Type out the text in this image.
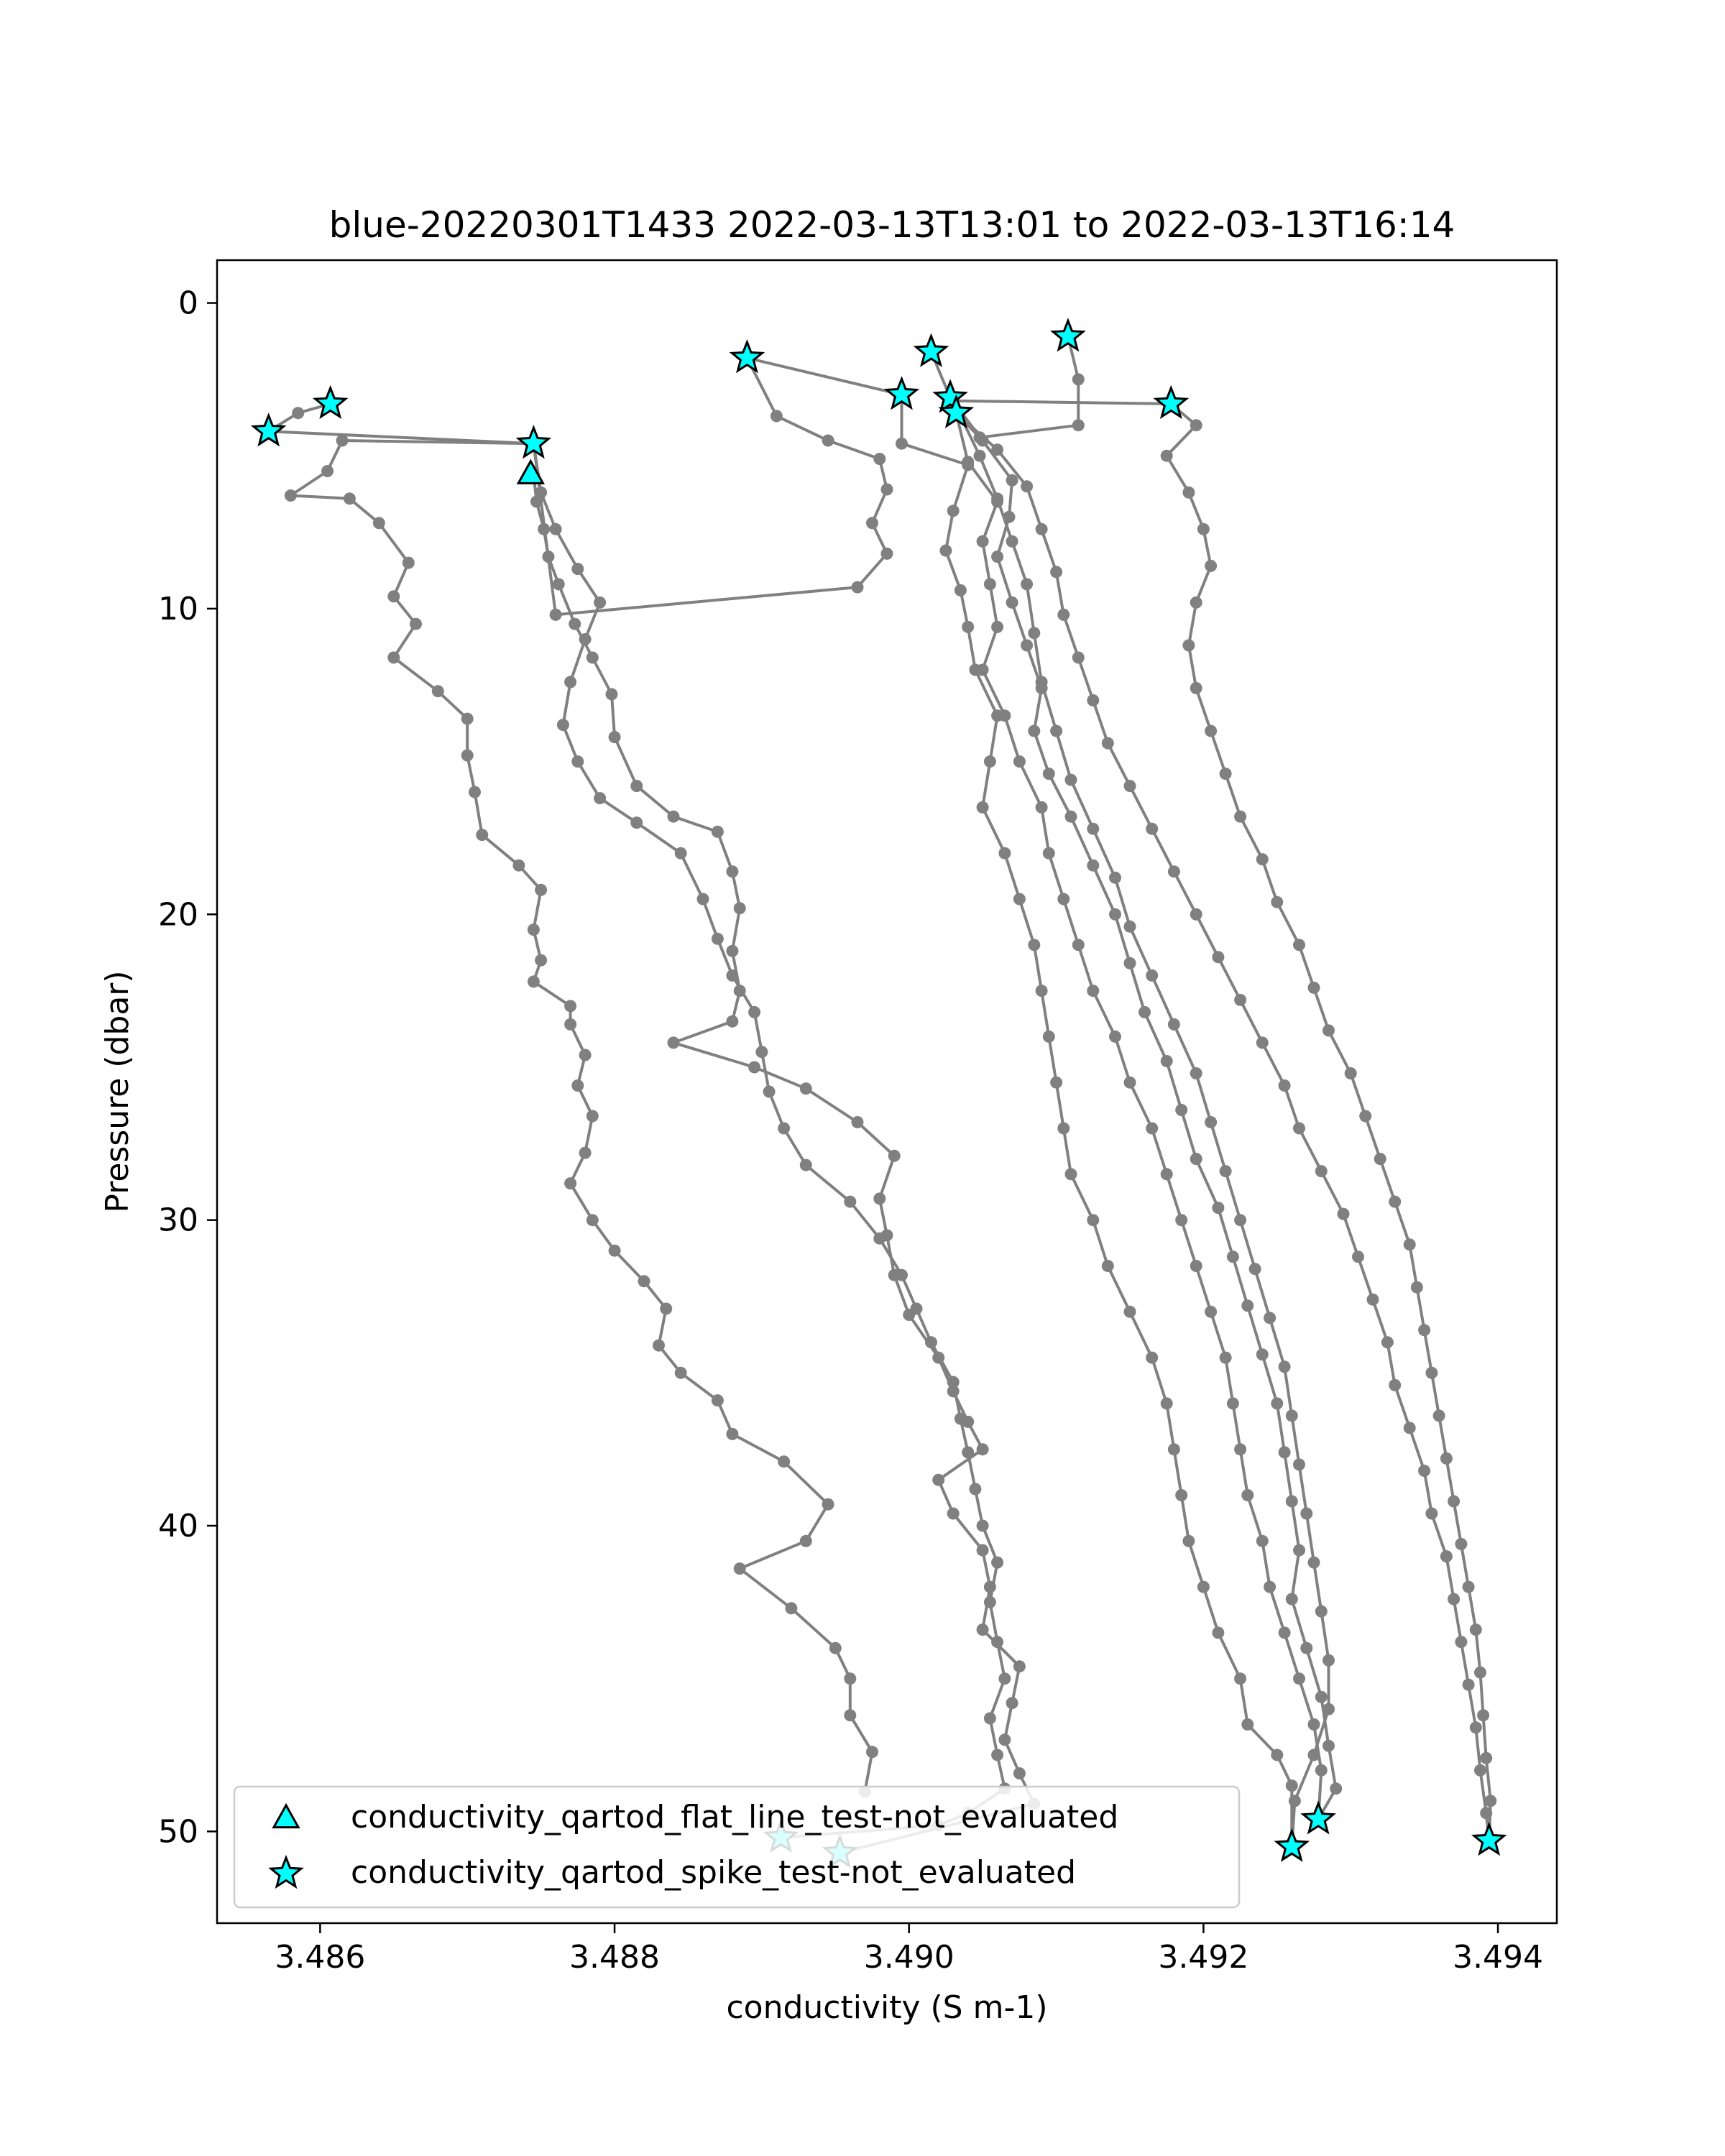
blue-20220301T1433 2022-03-13T13:01 to 2022-03-13T16:14
3.486	3.488	3.490	3.492	3.494
0
10
20
30
40
50
conductivity (S m-1)
Pressure (dbar)
conductivity_qartod_flat_line_test-not_evaluated
conductivity_qartod_spike_test-not_evaluated
